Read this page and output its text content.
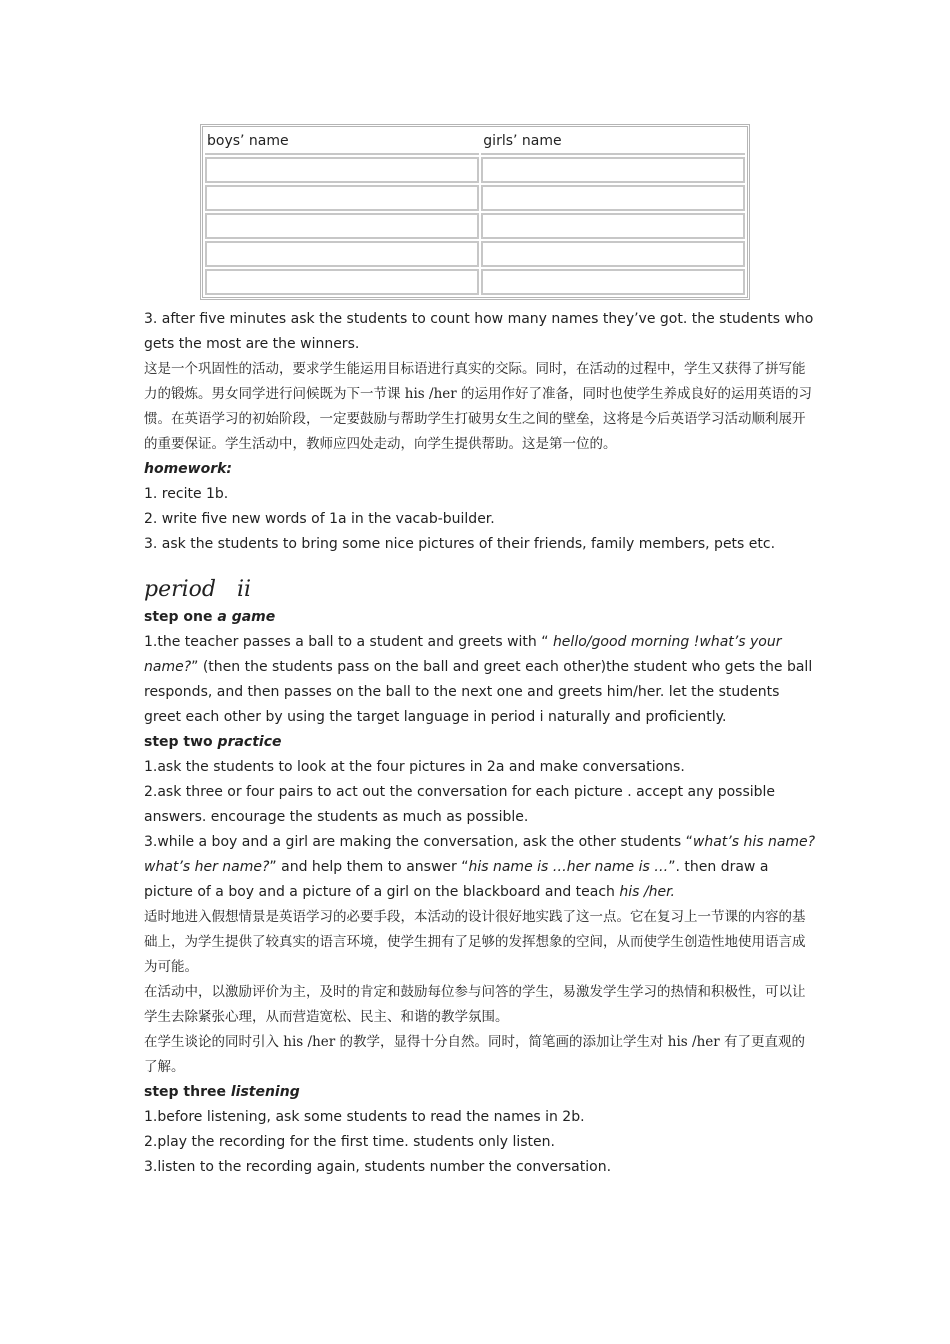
boys’ name	girls’ name

3. after five minutes ask the students to count how many names they’ve got. the students who gets the most are the winners.

这是一个巩固性的活动，要求学生能运用目标语进行真实的交际。同时，在活动的过程中，学生又获得了拼写能力的锻炼。男女同学进行问候既为下一节课 his /her 的运用作好了准备，同时也使学生养成良好的运用英语的习惯。在英语学习的初始阶段，一定要鼓励与帮助学生打破男女生之间的壁垒，这将是今后英语学习活动顺利展开的重要保证。学生活动中，教师应四处走动，向学生提供帮助。这是第一位的。

homework:

1. recite 1b.

2. write five new words of 1a in the vacab-builder.

3. ask the students to bring some nice pictures of their friends, family members, pets etc.

period ii

step one a game

1.the teacher passes a ball to a student and greets with “ hello/good morning !what’s your name?” (then the students pass on the ball and greet each other)the student who gets the ball responds, and then passes on the ball to the next one and greets him/her. let the students greet each other by using the target language in period i naturally and proficiently.

step two practice

1.ask the students to look at the four pictures in 2a and make conversations.

2.ask three or four pairs to act out the conversation for each picture . accept any possible answers. encourage the students as much as possible.

3.while a boy and a girl are making the conversation, ask the other students “what’s his name? what’s her name?” and help them to answer “his name is …her name is …”. then draw a picture of a boy and a picture of a girl on the blackboard and teach his /her.

适时地进入假想情景是英语学习的必要手段，本活动的设计很好地实践了这一点。它在复习上一节课的内容的基础上，为学生提供了较真实的语言环境，使学生拥有了足够的发挥想象的空间，从而使学生创造性地使用语言成为可能。

在活动中，以激励评价为主，及时的肯定和鼓励每位参与问答的学生，易激发学生学习的热情和积极性，可以让学生去除紧张心理，从而营造宽松、民主、和谐的教学氛围。

在学生谈论的同时引入 his /her 的教学，显得十分自然。同时，简笔画的添加让学生对 his /her 有了更直观的了解。

step three listening

1.before listening, ask some students to read the names in 2b.

2.play the recording for the first time. students only listen.

3.listen to the recording again, students number the conversation.
